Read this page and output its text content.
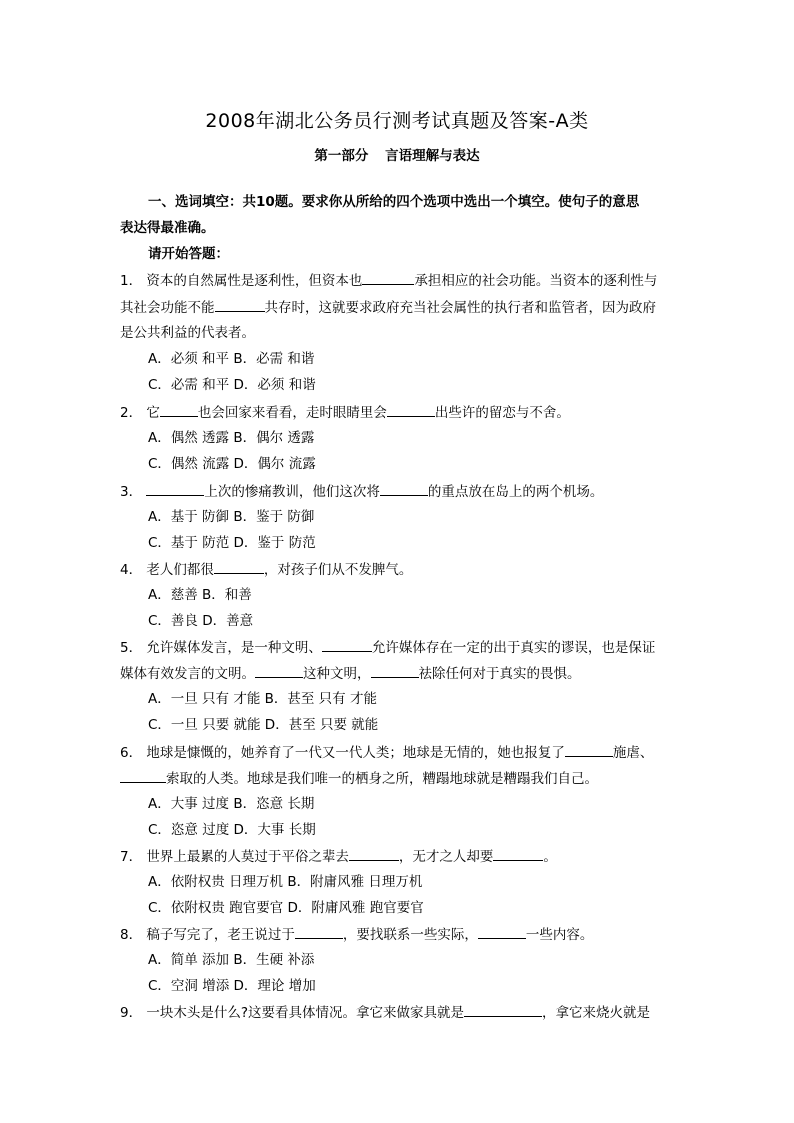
2008年湖北公务员行测考试真题及答案-A类
第一部分 言语理解与表达
一、选词填空：共10题。要求你从所给的四个选项中选出一个填空。使句子的意思
表达得最准确。
请开始答题：
1． 资本的自然属性是逐利性，但资本也	承担相应的社会功能。当资本的逐利性与
其社会功能不能	共存时，这就要求政府充当社会属性的执行者和监管者，因为政府
是公共利益的代表者。
A．必须 和平 B．必需 和谐
C．必需 和平 D．必须 和谐
2． 它	也会回家来看看，走时眼睛里会	出些许的留恋与不舍。
A．偶然 透露 B．偶尔 透露
C．偶然 流露 D．偶尔 流露
3．	上次的惨痛教训，他们这次将	的重点放在岛上的两个机场。
A．基于 防御 B．鉴于 防御
C．基于 防范 D．鉴于 防范
4． 老人们都很	，对孩子们从不发脾气。
A．慈善 B．和善
C．善良 D．善意
5． 允许媒体发言，是一种文明、	允许媒体存在一定的出于真实的谬误，也是保证
媒体有效发言的文明。	这种文明，	祛除任何对于真实的畏惧。
A．一旦 只有 才能 B．甚至 只有 才能
C．一旦 只要 就能 D．甚至 只要 就能
6． 地球是慷慨的，她养育了一代又一代人类；地球是无情的，她也报复了	施虐、
索取的人类。地球是我们唯一的栖身之所，糟蹋地球就是糟蹋我们自己。
A．大事 过度 B．恣意 长期
C．恣意 过度 D．大事 长期
7． 世界上最累的人莫过于平俗之辈去	，无才之人却要	。
A．依附权贵 日理万机 B．附庸风雅 日理万机
C．依附权贵 跑官要官 D．附庸风雅 跑官要官
8． 稿子写完了，老王说过于	，要找联系一些实际，	一些内容。
A．简单 添加 B．生硬 补添
C．空洞 增添 D．理论 增加
9． 一块木头是什么?这要看具体情况。拿它来做家具就是	，拿它来烧火就是
